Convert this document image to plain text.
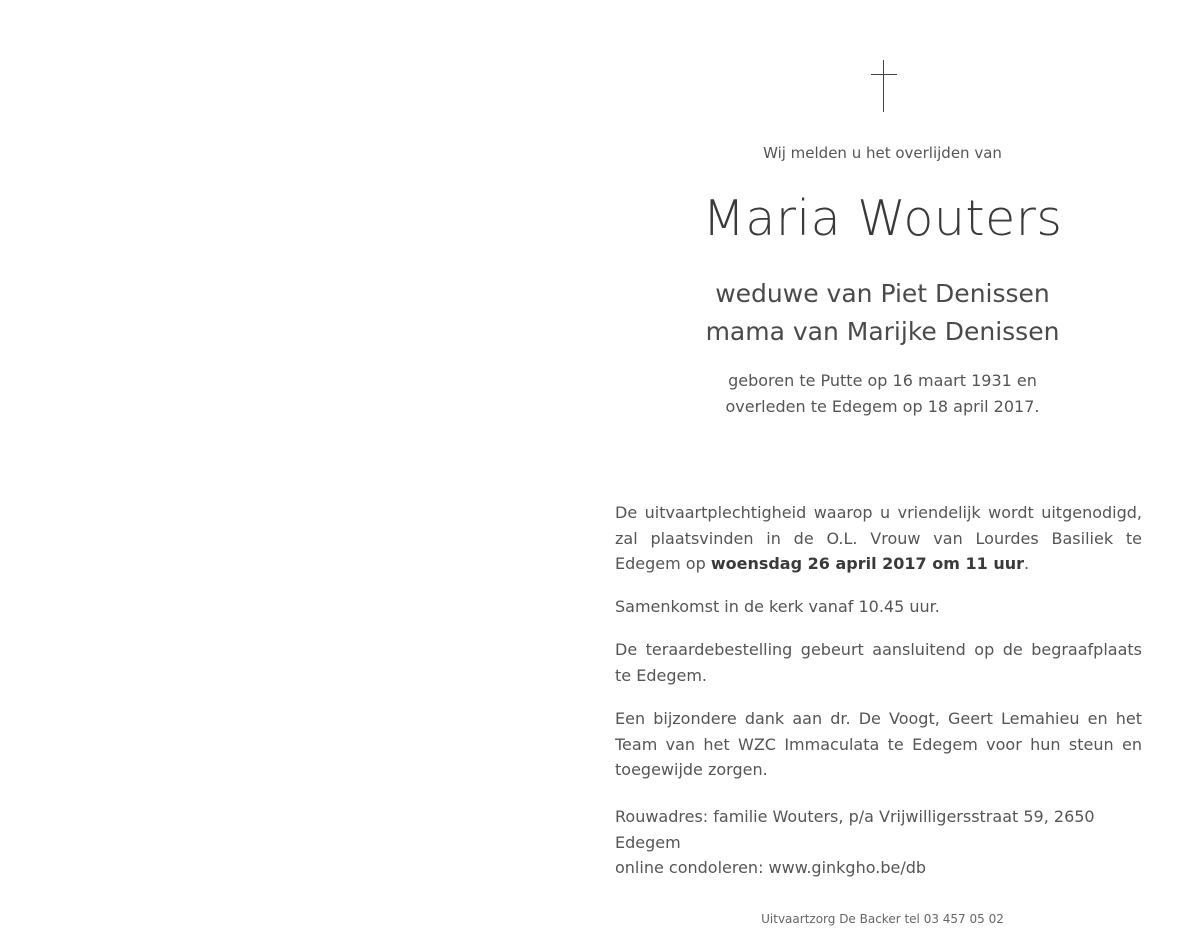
Wij melden u het overlijden van
Maria Wouters
weduwe van Piet Denissen
mama van Marijke Denissen
geboren te Putte op 16 maart 1931 en
overleden te Edegem op 18 april 2017.
De uitvaartplechtigheid waarop u vriendelijk wordt uitgenodigd, zal plaatsvinden in de O.L. Vrouw van Lourdes Basiliek te Edegem op woensdag 26 april 2017 om 11 uur.
Samenkomst in de kerk vanaf 10.45 uur.
De teraardebestelling gebeurt aansluitend op de begraafplaats te Edegem.
Een bijzondere dank aan dr. De Voogt, Geert Lemahieu en het Team van het WZC Immaculata te Edegem voor hun steun en toegewijde zorgen.
Rouwadres: familie Wouters, p/a Vrijwilligersstraat 59, 2650 Edegem
online condoleren: www.ginkgho.be/db
Uitvaartzorg De Backer tel 03 457 05 02
